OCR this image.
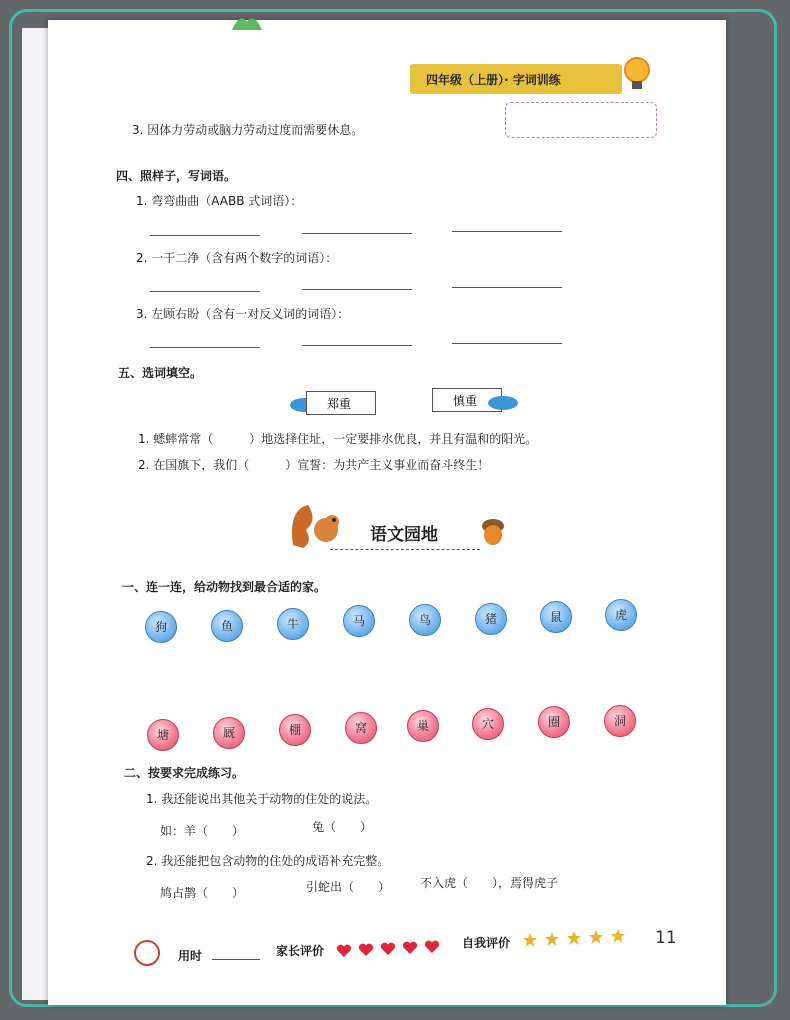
四年级（上册）· 字词训练
3. 因体力劳动或脑力劳动过度而需要休息。
四、照样子，写词语。
1. 弯弯曲曲（AABB 式词语）：
2. 一干二净（含有两个数字的词语）：
3. 左顾右盼（含有一对反义词的词语）：
五、选词填空。
郑重	慎重
1. 蟋蟀常常（　　　）地选择住址，一定要排水优良，并且有温和的阳光。
2. 在国旗下，我们（　　　）宣誓：为共产主义事业而奋斗终生！
语文园地
一、连一连，给动物找到最合适的家。
狗	鱼	牛	马	鸟	猪	鼠	虎
塘	厩	棚	窝	巢	穴	圈	洞
二、按要求完成练习。
1. 我还能说出其他关于动物的住处的说法。
如：羊（　　）	兔（　　）
2. 我还能把包含动物的住处的成语补充完整。
鸠占鹊（　　）	引蛇出（　　） 不入虎（　　），焉得虎子
用时	家长评价
自我评价	11
